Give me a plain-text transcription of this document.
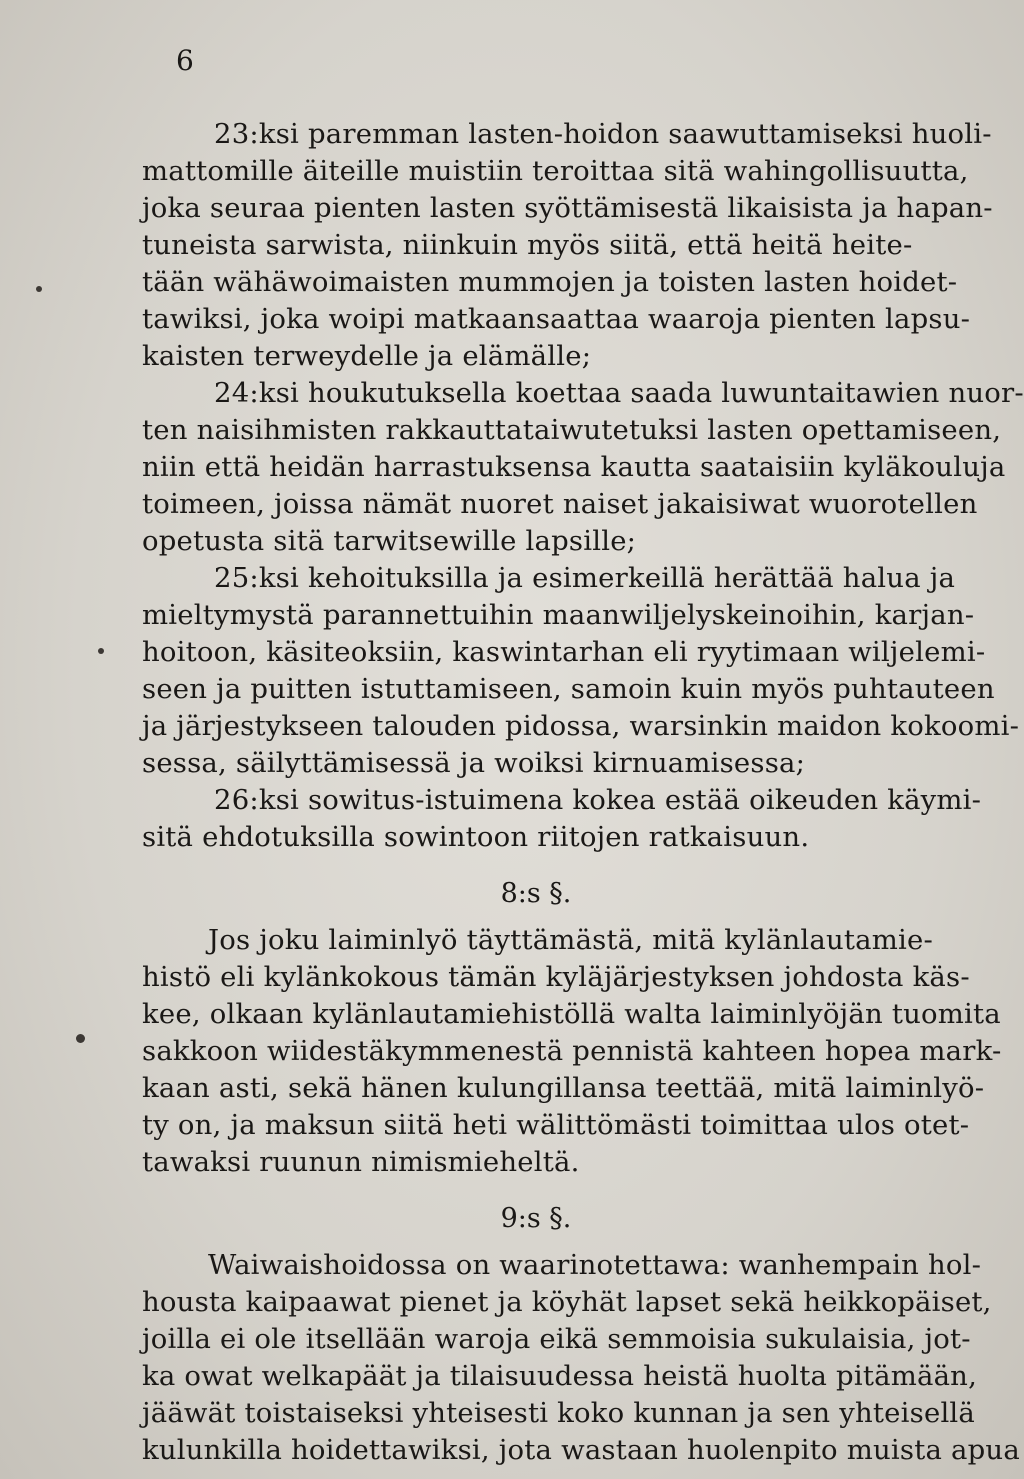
6
23:ksi paremman lasten-hoidon saawuttamiseksi huoli-
mattomille äiteille muistiin teroittaa sitä wahingollisuutta,
joka seuraa pienten lasten syöttämisestä likaisista ja hapan-
tuneista sarwista, niinkuin myös siitä, että heitä heite-
tään wähäwoimaisten mummojen ja toisten lasten hoidet-
tawiksi, joka woipi matkaansaattaa waaroja pienten lapsu-
kaisten terweydelle ja elämälle;
24:ksi houkutuksella koettaa saada luwuntaitawien nuor-
ten naisihmisten rakkauttataiwutetuksi lasten opettamiseen,
niin että heidän harrastuksensa kautta saataisiin kyläkouluja
toimeen, joissa nämät nuoret naiset jakaisiwat wuorotellen
opetusta sitä tarwitsewille lapsille;
25:ksi kehoituksilla ja esimerkeillä herättää halua ja
mieltymystä parannettuihin maanwiljelyskeinoihin, karjan-
hoitoon, käsiteoksiin, kaswintarhan eli ryytimaan wiljelemi-
seen ja puitten istuttamiseen, samoin kuin myös puhtauteen
ja järjestykseen talouden pidossa, warsinkin maidon kokoomi-
sessa, säilyttämisessä ja woiksi kirnuamisessa;
26:ksi sowitus-istuimena kokea estää oikeuden käymi-
sitä ehdotuksilla sowintoon riitojen ratkaisuun.
8:s §.
Jos joku laiminlyö täyttämästä, mitä kylänlautamie-
histö eli kylänkokous tämän kyläjärjestyksen johdosta käs-
kee, olkaan kylänlautamiehistöllä walta laiminlyöjän tuomita
sakkoon wiidestäkymmenestä pennistä kahteen hopea mark-
kaan asti, sekä hänen kulungillansa teettää, mitä laiminlyö-
ty on, ja maksun siitä heti wälittömästi toimittaa ulos otet-
tawaksi ruunun nimismieheltä.
9:s §.
Waiwaishoidossa on waarinotettawa: wanhempain hol-
housta kaipaawat pienet ja köyhät lapset sekä heikkopäiset,
joilla ei ole itsellään waroja eikä semmoisia sukulaisia, jot-
ka owat welkapäät ja tilaisuudessa heistä huolta pitämään,
jääwät toistaiseksi yhteisesti koko kunnan ja sen yhteisellä
kulunkilla hoidettawiksi, jota wastaan huolenpito muista apua
